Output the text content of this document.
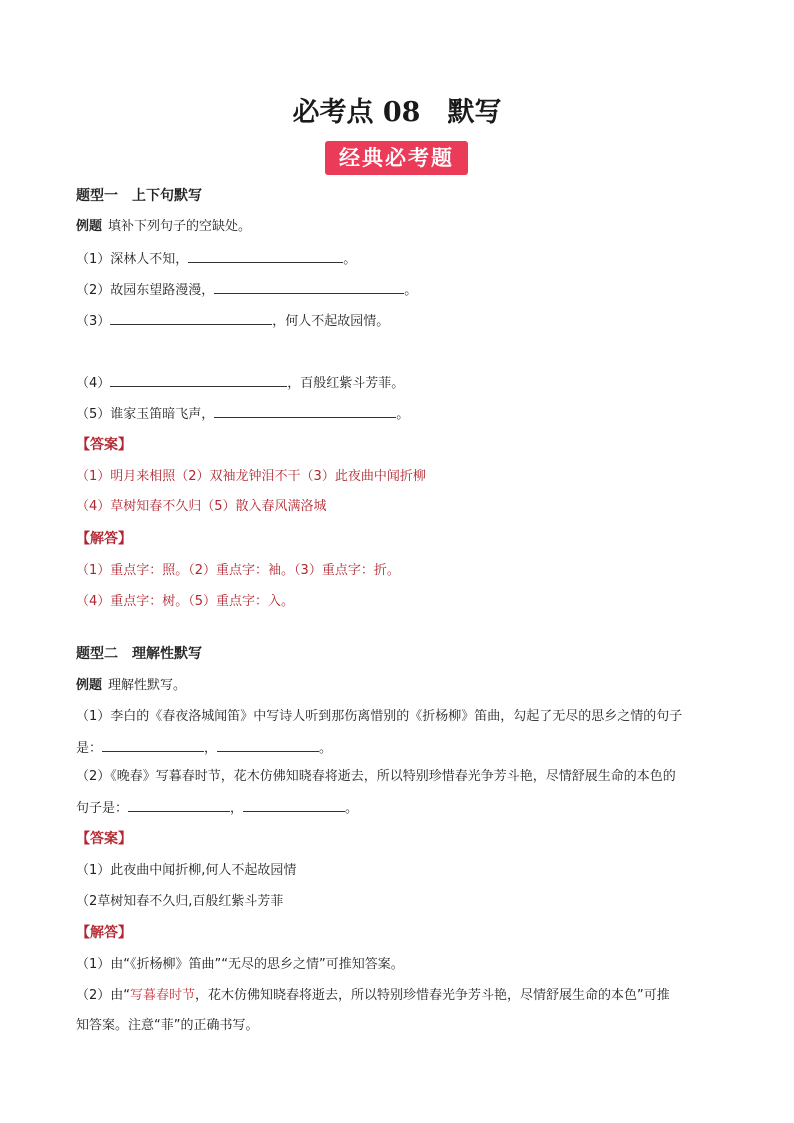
必考点 08　默写
经典必考题
题型一　上下句默写
例题 填补下列句子的空缺处。
（1）深林人不知，	。
（2）故园东望路漫漫，	。
（3）	，何人不起故园情。
（4）	，百般红紫斗芳菲。
（5）谁家玉笛暗飞声，	。
【答案】
（1）明月来相照（2）双袖龙钟泪不干（3）此夜曲中闻折柳
（4）草树知春不久归（5）散入春风满洛城
【解答】
（1）重点字：照。（2）重点字：袖。（3）重点字：折。
（4）重点字：树。（5）重点字：入。
题型二　理解性默写
例题 理解性默写。
（1）李白的《春夜洛城闻笛》中写诗人听到那伤离惜别的《折杨柳》笛曲，勾起了无尽的思乡之情的句子
是：	，	。
（2）《晚春》写暮春时节，花木仿佛知晓春将逝去，所以特别珍惜春光争芳斗艳，尽情舒展生命的本色的
句子是：	，	。
【答案】
（1）此夜曲中闻折柳,何人不起故园情
（2草树知春不久归,百般红紫斗芳菲
【解答】
（1）由“《折杨柳》笛曲”“无尽的思乡之情”可推知答案。
（2）由“写暮春时节，花木仿佛知晓春将逝去，所以特别珍惜春光争芳斗艳，尽情舒展生命的本色”可推
知答案。注意“菲”的正确书写。
